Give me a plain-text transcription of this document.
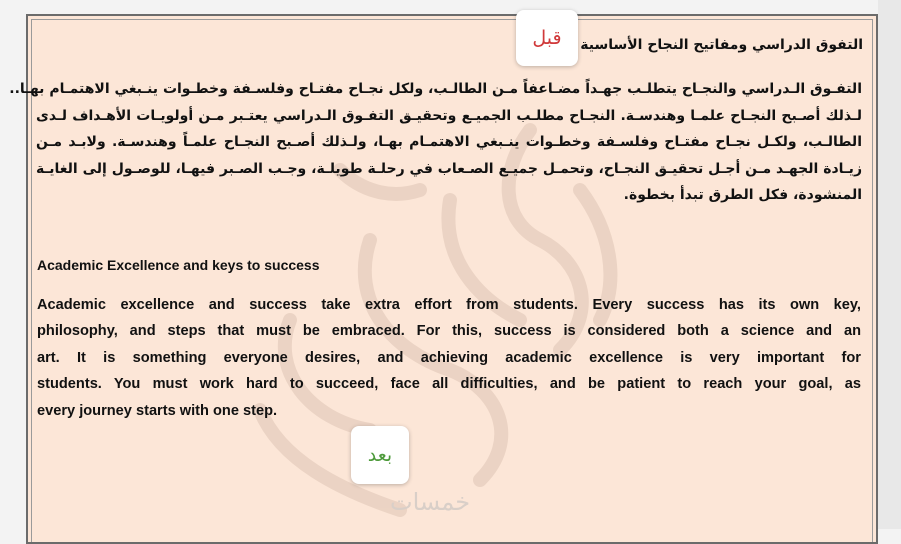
خمسات
التفوق الدراسي ومفاتيح النجاح الأساسية
التفـوق الـدراسي والنجـاح يتطلـب جهـداً مضـاعفاً مـن الطالـب، ولكل نجـاح مفتـاح وفلسـفة وخطـوات ينـبغي الاهتمـام بهـا..
لـذلك أصـبح النجـاح علمـا وهندسـة. النجـاح مطلـب الجميـع وتحقيـق التفـوق الـدراسي يعتـبر مـن أولويـات الأهـداف لـدى
الطالـب، ولكـل نجـاح مفتـاح وفلسـفة وخطـوات ينـبغي الاهتمـام بهـا، ولـذلك أصـبح النجـاح علمـاً وهندسـة. ولابـد مـن
زيـادة الجهـد مـن أجـل تحقيـق النجـاح، وتحمـل جميـع الصـعاب في رحلـة طويلـة، وجـب الصـبر فيهـا، للوصـول إلى الغايـة
المنشودة، فكل الطرق تبدأ بخطوة.
Academic Excellence and keys to success
Academic excellence and success take extra effort from students. Every success has its own key,
philosophy, and steps that must be embraced. For this, success is considered both a science and an
art. It is something everyone desires, and achieving academic excellence is very important for
students. You must work hard to succeed, face all difficulties, and be patient to reach your goal, as
every journey starts with one step.
قبل
بعد
